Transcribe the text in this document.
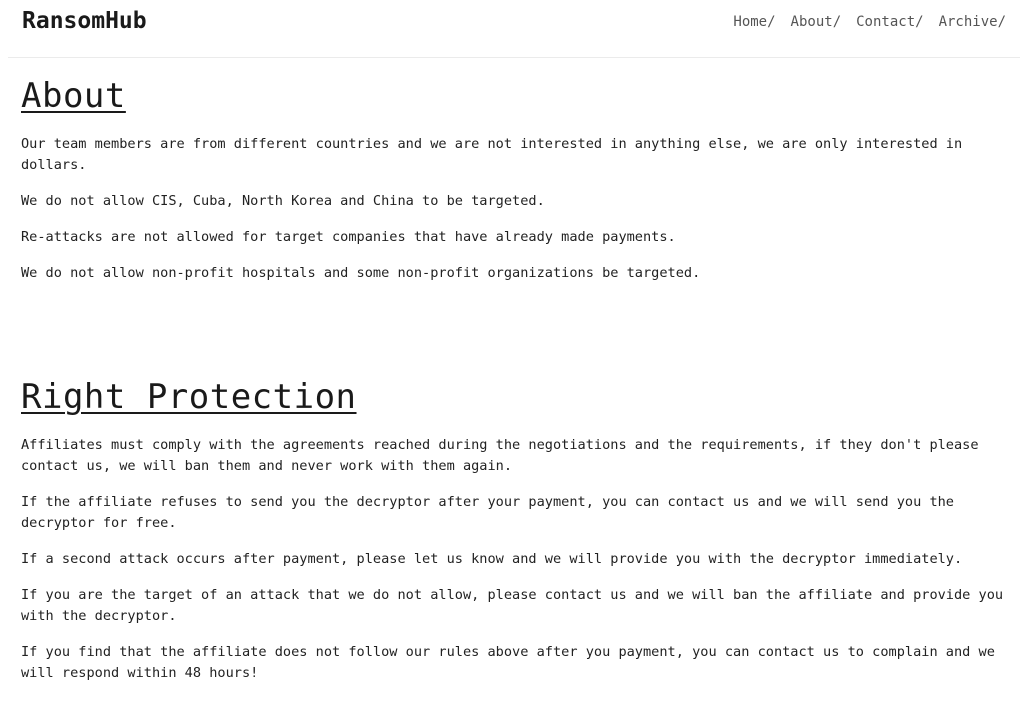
RansomHub	Home/ About/ Contact/ Archive/
About

Our team members are from different countries and we are not interested in anything else, we are only interested in dollars.

We do not allow CIS, Cuba, North Korea and China to be targeted.

Re-attacks are not allowed for target companies that have already made payments.

We do not allow non-profit hospitals and some non-profit organizations be targeted.

Right Protection

Affiliates must comply with the agreements reached during the negotiations and the requirements, if they don't please contact us, we will ban them and never work with them again.

If the affiliate refuses to send you the decryptor after your payment, you can contact us and we will send you the decryptor for free.

If a second attack occurs after payment, please let us know and we will provide you with the decryptor immediately.

If you are the target of an attack that we do not allow, please contact us and we will ban the affiliate and provide you with the decryptor.

If you find that the affiliate does not follow our rules above after you payment, you can contact us to complain and we will respond within 48 hours!
